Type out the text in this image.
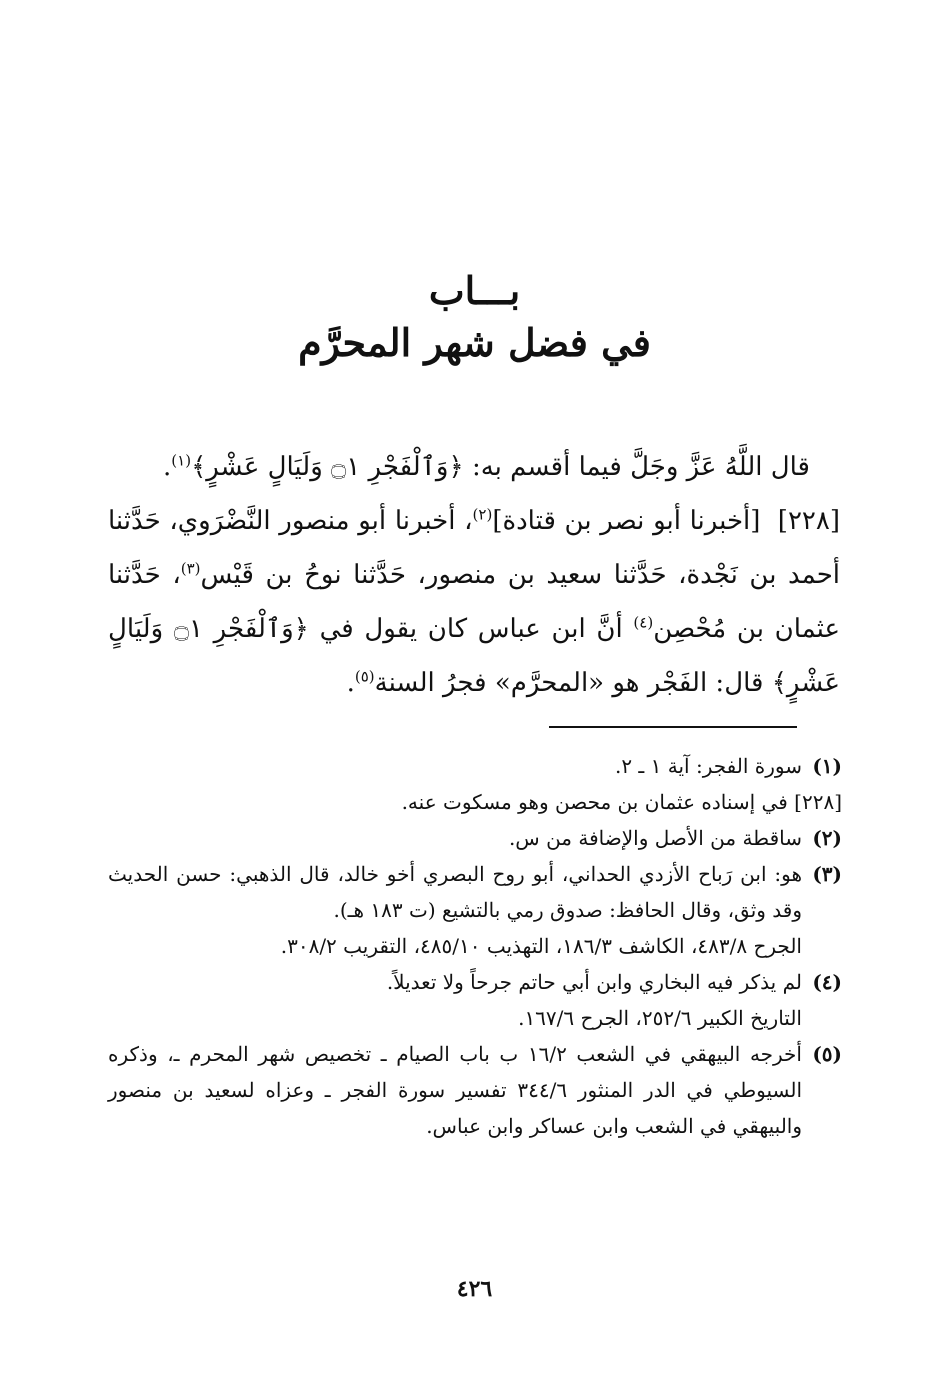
بـــاب
في فضل شهر المحرَّم

قال اللَّهُ عَزَّ وجَلَّ فيما أقسم به: ﴿وَٱلْفَجْرِ ۝١ وَلَيَالٍ عَشْرٍ﴾$^{(١)}$.

[٢٢٨]  [أخبرنا أبو نصر بن قتادة]$^{(٢)}$، أخبرنا أبو منصور النَّضْرَوي، حَدَّثنا أحمد بن نَجْدة، حَدَّثنا سعيد بن منصور، حَدَّثنا نوحُ بن قَيْس$^{(٣)}$، حَدَّثنا عثمان بن مُحْصِن$^{(٤)}$ أنَّ ابن عباس كان يقول في ﴿وَٱلْفَجْرِ ۝١ وَلَيَالٍ عَشْرٍ﴾ قال: الفَجْر هو «المحرَّم» فجرُ السنة$^{(٥)}$.

(١)
سورة الفجر: آية ١ ـ ٢.
[٢٢٨] في إسناده عثمان بن محصن وهو مسكوت عنه.
(٢)
ساقطة من الأصل والإضافة من س.
(٣)
هو: ابن رَباح الأزدي الحداني، أبو روح البصري أخو خالد، قال الذهبي: حسن الحديث وقد وثق، وقال الحافظ: صدوق رمي بالتشيع (ت ١٨٣ هـ).
الجرح ٤٨٣/٨، الكاشف ١٨٦/٣، التهذيب ٤٨٥/١٠، التقريب ٣٠٨/٢.
(٤)
لم يذكر فيه البخاري وابن أبي حاتم جرحاً ولا تعديلاً.
التاريخ الكبير ٢٥٢/٦، الجرح ١٦٧/٦.
(٥)
أخرجه البيهقي في الشعب ١٦/٢ ب باب الصيام ـ تخصيص شهر المحرم ـ، وذكره السيوطي في الدر المنثور ٣٤٤/٦ تفسير سورة الفجر ـ وعزاه لسعيد بن منصور والبيهقي في الشعب وابن عساكر وابن عباس.
٤٢٦
